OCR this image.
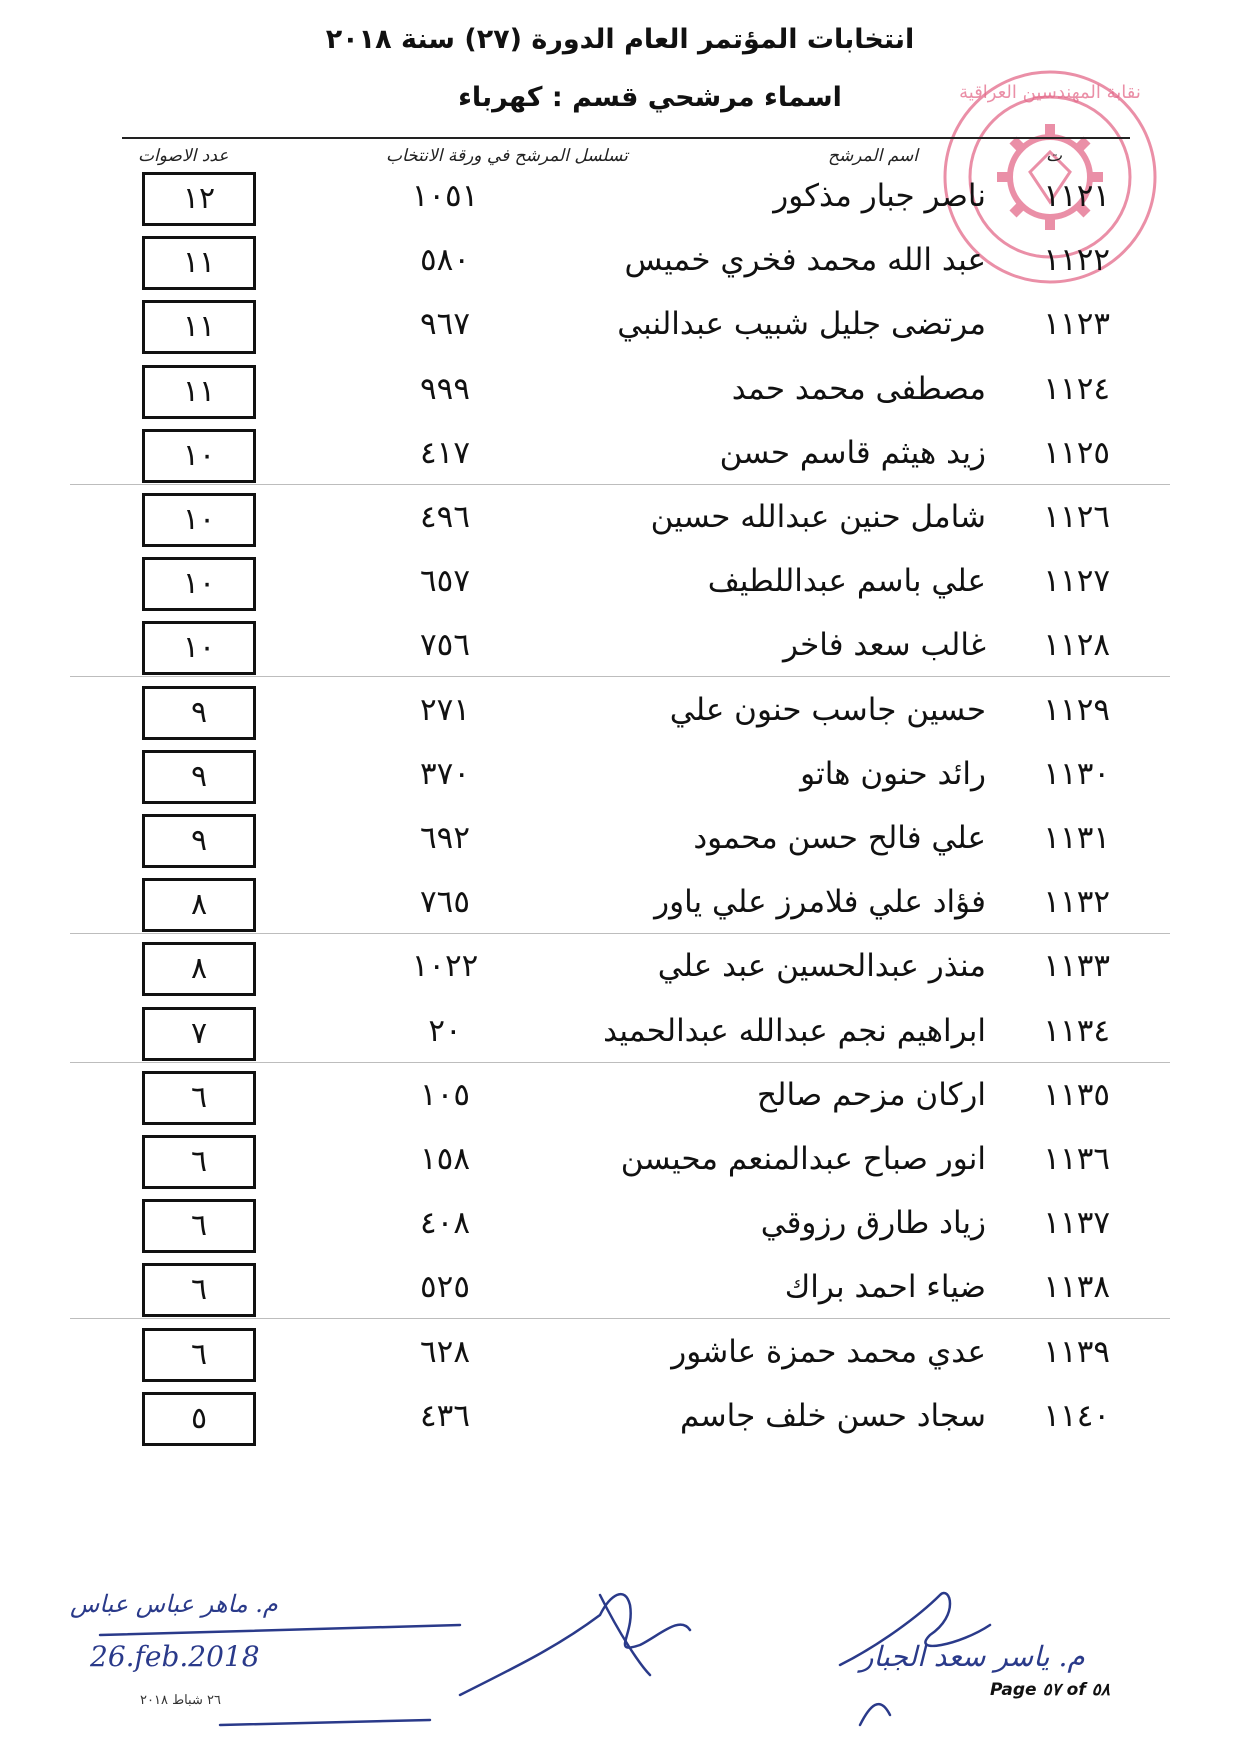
انتخابات المؤتمر العام الدورة (٢٧) سنة ٢٠١٨
اسماء مرشحي قسم : كهرباء	نقابة المهندسين العراقية
ت
اسم المرشح
تسلسل المرشح في ورقة الانتخاب
عدد الاصوات
١١٢١
ناصر جبار مذكور
١٠٥١
١٢
١١٢٢
عبد الله محمد فخري خميس
٥٨٠
١١
١١٢٣
مرتضى جليل شبيب عبدالنبي
٩٦٧
١١
١١٢٤
مصطفى محمد حمد
٩٩٩
١١
١١٢٥
زيد هيثم قاسم حسن
٤١٧
١٠
١١٢٦
شامل حنين عبدالله حسين
٤٩٦
١٠
١١٢٧
علي باسم عبداللطيف
٦٥٧
١٠
١١٢٨
غالب سعد فاخر
٧٥٦
١٠
١١٢٩
حسين جاسب حنون علي
٢٧١
٩
١١٣٠
رائد حنون هاتو
٣٧٠
٩
١١٣١
علي فالح حسن محمود
٦٩٢
٩
١١٣٢
فؤاد علي فلامرز علي ياور
٧٦٥
٨
١١٣٣
منذر عبدالحسين عبد علي
١٠٢٢
٨
١١٣٤
ابراهيم نجم عبدالله عبدالحميد
٢٠
٧
١١٣٥
اركان مزحم صالح
١٠٥
٦
١١٣٦
انور صباح عبدالمنعم محيسن
١٥٨
٦
١١٣٧
زياد طارق رزوقي
٤٠٨
٦
١١٣٨
ضياء احمد براك
٥٢٥
٦
١١٣٩
عدي محمد حمزة عاشور
٦٢٨
٦
١١٤٠
سجاد حسن خلف جاسم
٤٣٦
٥
م. ماهر عباس عباس
26.feb.2018
٢٦ شباط ٢٠١٨
م. ياسر سعد الجبار
Page ٥٧ of ٥٨
